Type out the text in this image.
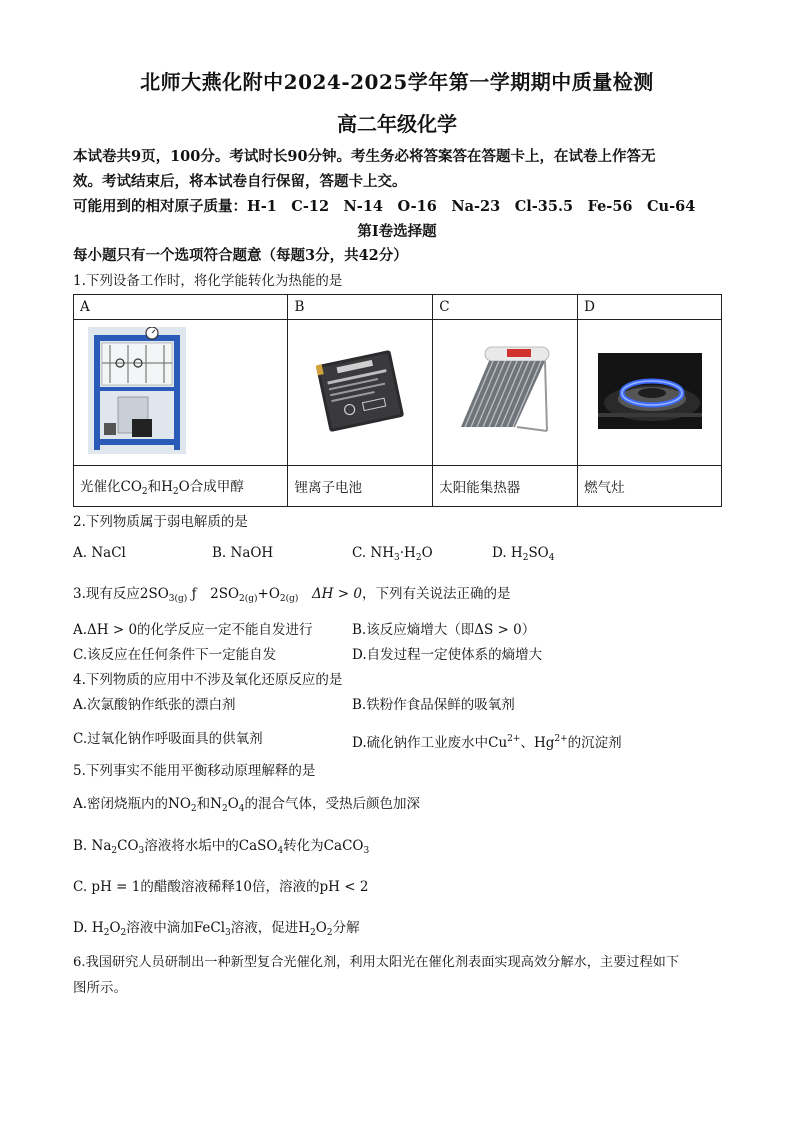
北师大燕化附中2024-2025学年第一学期期中质量检测
高二年级化学
本试卷共9页，100分。考试时长90分钟。考生务必将答案答在答题卡上，在试卷上作答无
效。考试结束后，将本试卷自行保留，答题卡上交。
可能用到的相对原子质量：H-1　C-12　N-14　O-16　Na-23　Cl-35.5　Fe-56　Cu-64
第I卷选择题
每小题只有一个选项符合题意（每题3分，共42分）
1.下列设备工作时，将化学能转化为热能的是
A	B	C	D

光催化$CO_2$和$H_2O$合成甲醇	锂离子电池	太阳能集热器	燃气灶
2.下列物质属于弱电解质的是
A. NaCl	B. NaOH	C. $NH_3\cdot H_2O$	D. $H_2SO_4$
3.现有反应$2SO_{3(g)}$ ƒ　$2SO_{2(g)}+O_{2(g)}$　 ΔH > 0，下列有关说法正确的是
A.ΔH > 0的化学反应一定不能自发进行	B.该反应熵增大（即ΔS > 0）
C.该反应在任何条件下一定能自发	D.自发过程一定使体系的熵增大
4.下列物质的应用中不涉及氧化还原反应的是
A.次氯酸钠作纸张的漂白剂	B.铁粉作食品保鲜的吸氧剂
C.过氧化钠作呼吸面具的供氧剂	D.硫化钠作工业废水中$Cu^{2+}$、$Hg^{2+}$的沉淀剂
5.下列事实不能用平衡移动原理解释的是
A.密闭烧瓶内的$NO_2$和$N_2O_4$的混合气体，受热后颜色加深
B. $Na_2CO_3$溶液将水垢中的CaSO$_4$转化为CaCO$_3$
C. pH = 1的醋酸溶液稀释10倍，溶液的pH < 2
D. $H_2O_2$溶液中滴加FeCl$_3$溶液，促进$H_2O_2$分解
6.我国研究人员研制出一种新型复合光催化剂，利用太阳光在催化剂表面实现高效分解水，主要过程如下
图所示。
